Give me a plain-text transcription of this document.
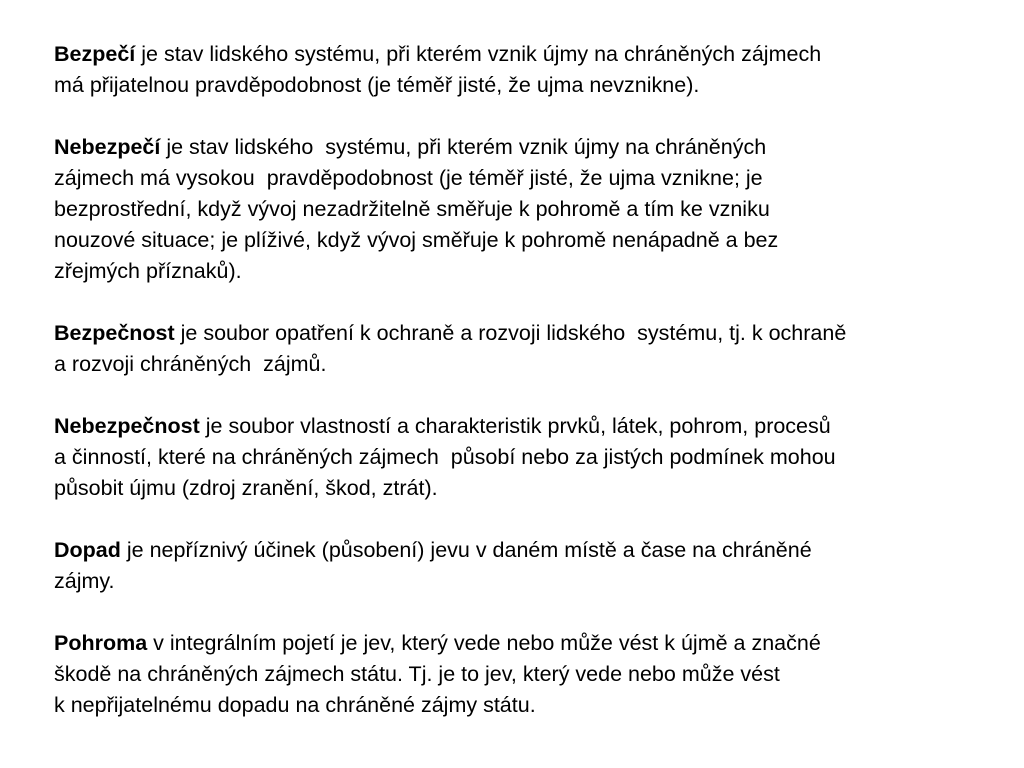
Bezpečí je stav lidského systému, při kterém vznik újmy na chráněných zájmech
má přijatelnou pravděpodobnost (je téměř jisté, že ujma nevznikne).
Nebezpečí je stav lidského  systému, při kterém vznik újmy na chráněných
zájmech má vysokou  pravděpodobnost (je téměř jisté, že ujma vznikne; je
bezprostřední, když vývoj nezadržitelně směřuje k pohromě a tím ke vzniku
nouzové situace; je plíživé, když vývoj směřuje k pohromě nenápadně a bez
zřejmých příznaků).
Bezpečnost je soubor opatření k ochraně a rozvoji lidského  systému, tj. k ochraně
a rozvoji chráněných  zájmů.
Nebezpečnost je soubor vlastností a charakteristik prvků, látek, pohrom, procesů
a činností, které na chráněných zájmech  působí nebo za jistých podmínek mohou
působit újmu (zdroj zranění, škod, ztrát).
Dopad je nepříznivý účinek (působení) jevu v daném místě a čase na chráněné
zájmy.
Pohroma v integrálním pojetí je jev, který vede nebo může vést k újmě a značné
škodě na chráněných zájmech státu. Tj. je to jev, který vede nebo může vést
k nepřijatelnému dopadu na chráněné zájmy státu.
